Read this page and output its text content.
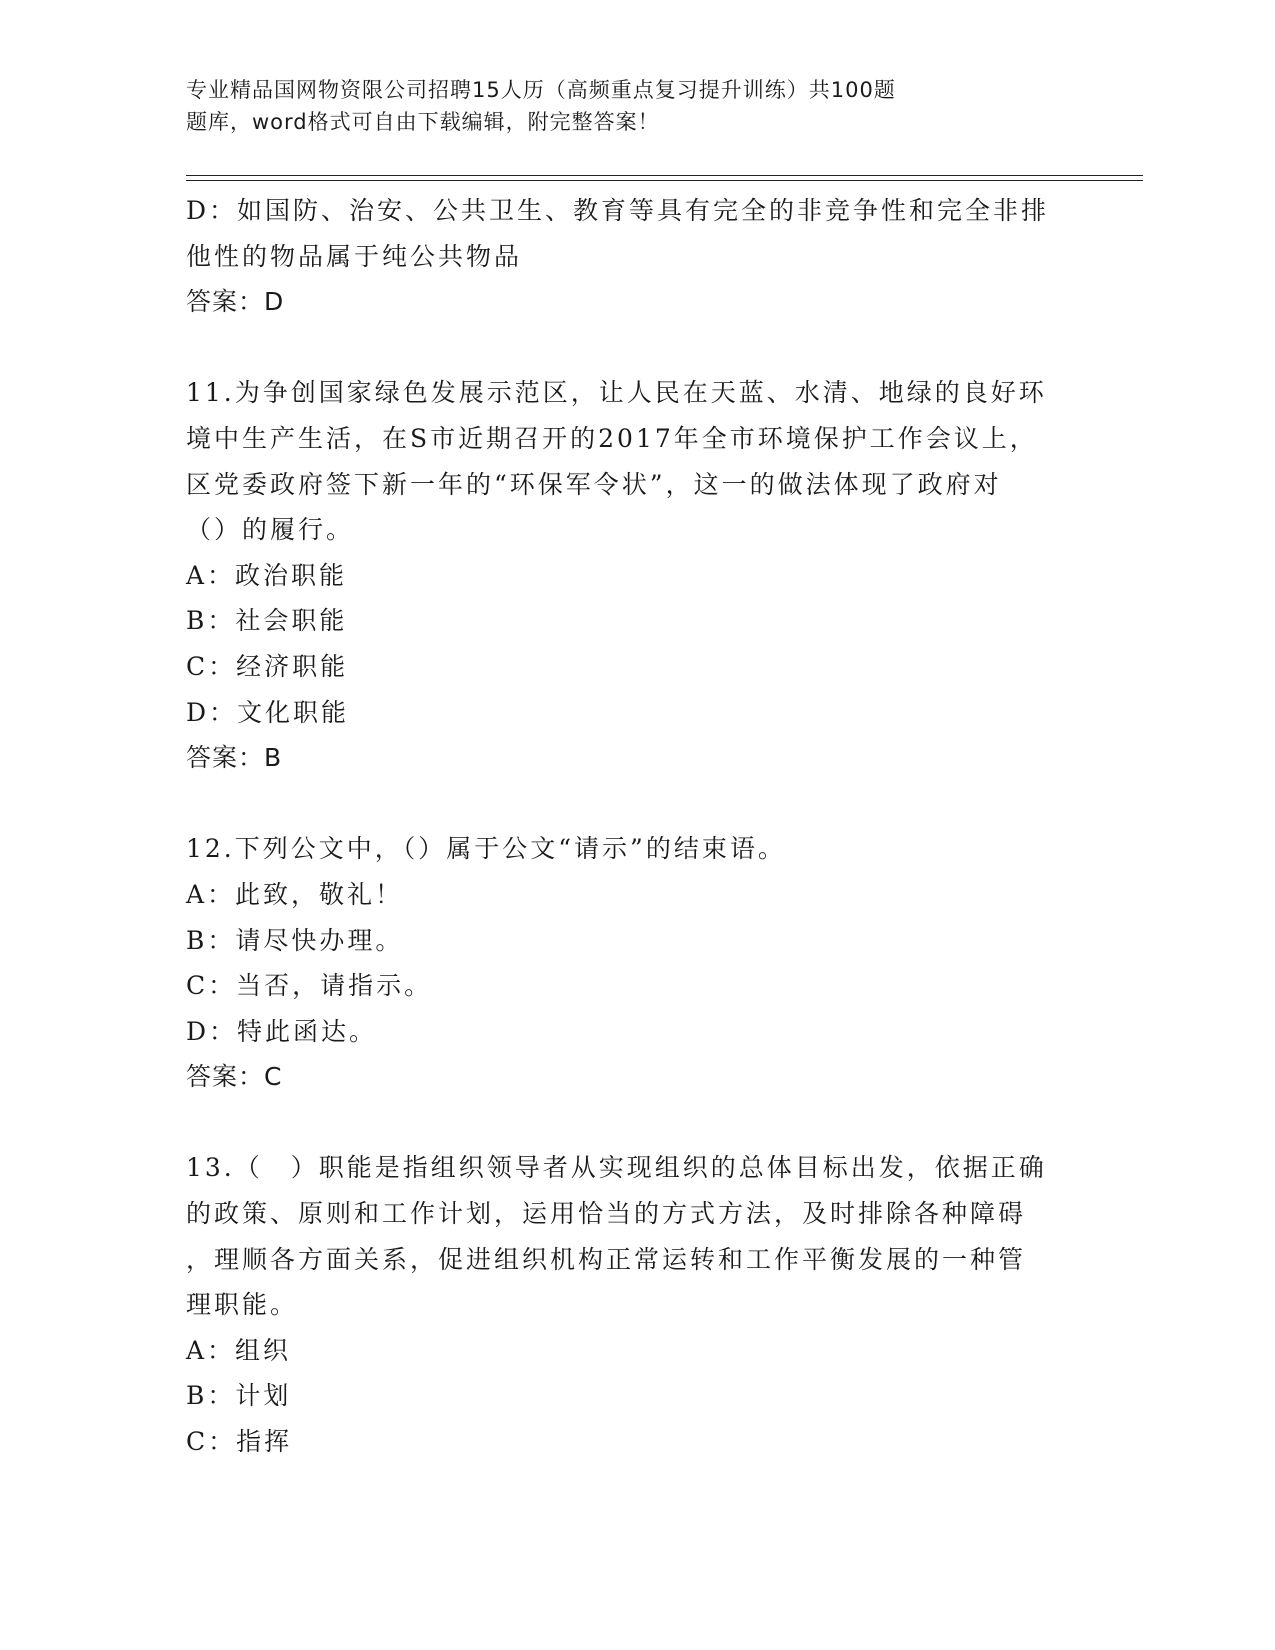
专业精品国网物资限公司招聘15人历（高频重点复习提升训练）共100题
题库，word格式可自由下载编辑，附完整答案！
D：如国防、治安、公共卫生、教育等具有完全的非竞争性和完全非排
他性的物品属于纯公共物品
答案：D
11.为争创国家绿色发展示范区，让人民在天蓝、水清、地绿的良好环
境中生产生活，在S市近期召开的2017年全市环境保护工作会议上，
区党委政府签下新一年的“环保军令状”，这一的做法体现了政府对
（）的履行。
A：政治职能
B：社会职能
C：经济职能
D：文化职能
答案：B
12.下列公文中，（）属于公文“请示”的结束语。
A：此致，敬礼！
B：请尽快办理。
C：当否，请指示。
D：特此函达。
答案：C
13.（　）职能是指组织领导者从实现组织的总体目标出发，依据正确
的政策、原则和工作计划，运用恰当的方式方法，及时排除各种障碍
，理顺各方面关系，促进组织机构正常运转和工作平衡发展的一种管
理职能。
A：组织
B：计划
C：指挥
